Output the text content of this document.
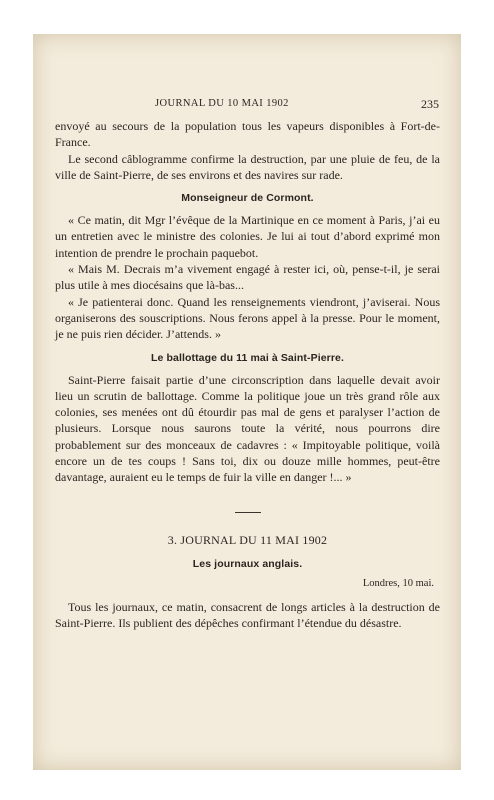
JOURNAL DU 10 MAI 1902	235

envoyé au secours de la population tous les vapeurs disponibles à Fort-de-France.

Le second câblogramme confirme la destruction, par une pluie de feu, de la ville de Saint-Pierre, de ses environs et des navires sur rade.

Monseigneur de Cormont.

« Ce matin, dit Mgr l’évêque de la Martinique en ce moment à Paris, j’ai eu un entretien avec le ministre des colonies. Je lui ai tout d’abord exprimé mon intention de prendre le prochain paquebot.

« Mais M. Decrais m’a vivement engagé à rester ici, où, pense-t-il, je serai plus utile à mes diocésains que là-bas...

« Je patienterai donc. Quand les renseignements viendront, j’aviserai. Nous organiserons des souscriptions. Nous ferons appel à la presse. Pour le moment, je ne puis rien décider. J’attends. »

Le ballottage du 11 mai à Saint-Pierre.

Saint-Pierre faisait partie d’une circonscription dans laquelle devait avoir lieu un scrutin de ballottage. Comme la politique joue un très grand rôle aux colonies, ses menées ont dû étourdir pas mal de gens et paralyser l’action de plusieurs. Lorsque nous saurons toute la vérité, nous pourrons dire probablement sur des monceaux de cadavres : « Impitoyable politique, voilà encore un de tes coups ! Sans toi, dix ou douze mille hommes, peut-être davantage, auraient eu le temps de fuir la ville en danger !... »

3. JOURNAL DU 11 MAI 1902
Les journaux anglais.
Londres, 10 mai.

Tous les journaux, ce matin, consacrent de longs articles à la destruction de Saint-Pierre. Ils publient des dépêches confirmant l’étendue du désastre.
